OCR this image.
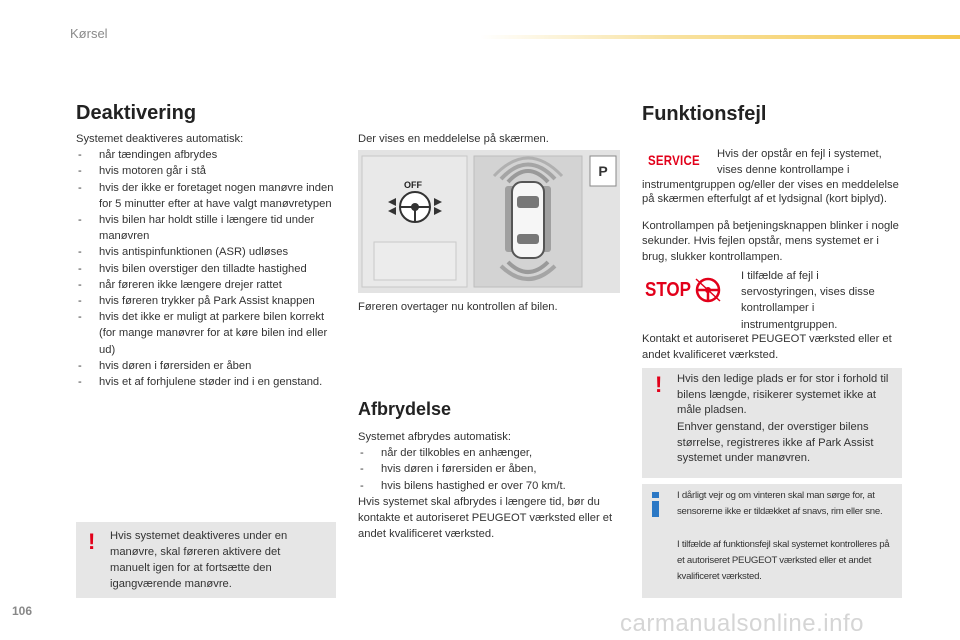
Kørsel
Deaktivering
Systemet deaktiveres automatisk:
- når tændingen afbrydes
- hvis motoren går i stå
- hvis der ikke er foretaget nogen manøvre inden for 5 minutter efter at have valgt manøvretypen
- hvis bilen har holdt stille i længere tid under manøvren
- hvis antispinfunktionen (ASR) udløses
- hvis bilen overstiger den tilladte hastighed
- når føreren ikke længere drejer rattet
- hvis føreren trykker på Park Assist knappen
- hvis det ikke er muligt at parkere bilen korrekt (for mange manøvrer for at køre bilen ind eller ud)
- hvis døren i førersiden er åben
- hvis et af forhjulene støder ind i en genstand.
! Hvis systemet deaktiveres under en manøvre, skal føreren aktivere det manuelt igen for at fortsætte den igangværende manøvre.
Der vises en meddelelse på skærmen.
OFF
P
Føreren overtager nu kontrollen af bilen.
Afbrydelse
Systemet afbrydes automatisk:
- når der tilkobles en anhænger,
- hvis døren i førersiden er åben,
- hvis bilens hastighed er over 70 km/t.
Hvis systemet skal afbrydes i længere tid, bør du kontakte et autoriseret PEUGEOT værksted eller et andet kvalificeret værksted.
Funktionsfejl
SERVICE Hvis der opstår en fejl i systemet, vises denne kontrollampe i
instrumentgruppen og/eller der vises en meddelelse på skærmen efterfulgt af et lydsignal (kort biplyd).
Kontrollampen på betjeningsknappen blinker i nogle sekunder. Hvis fejlen opstår, mens systemet er i brug, slukker kontrollampen.
STOP
I tilfælde af fejl i servostyringen, vises disse kontrollamper i instrumentgruppen.
Kontakt et autoriseret PEUGEOT værksted eller et andet kvalificeret værksted.
! Hvis den ledige plads er for stor i forhold til bilens længde, risikerer systemet ikke at måle pladsen.
Enhver genstand, der overstiger bilens størrelse, registreres ikke af Park Assist systemet under manøvren.
I dårligt vejr og om vinteren skal man sørge for, at sensorerne ikke er tildækket af snavs, rim eller sne.
I tilfælde af funktionsfejl skal systemet kontrolleres på et autoriseret PEUGEOT værksted eller et andet kvalificeret værksted.
106	carmanualsonline.info
